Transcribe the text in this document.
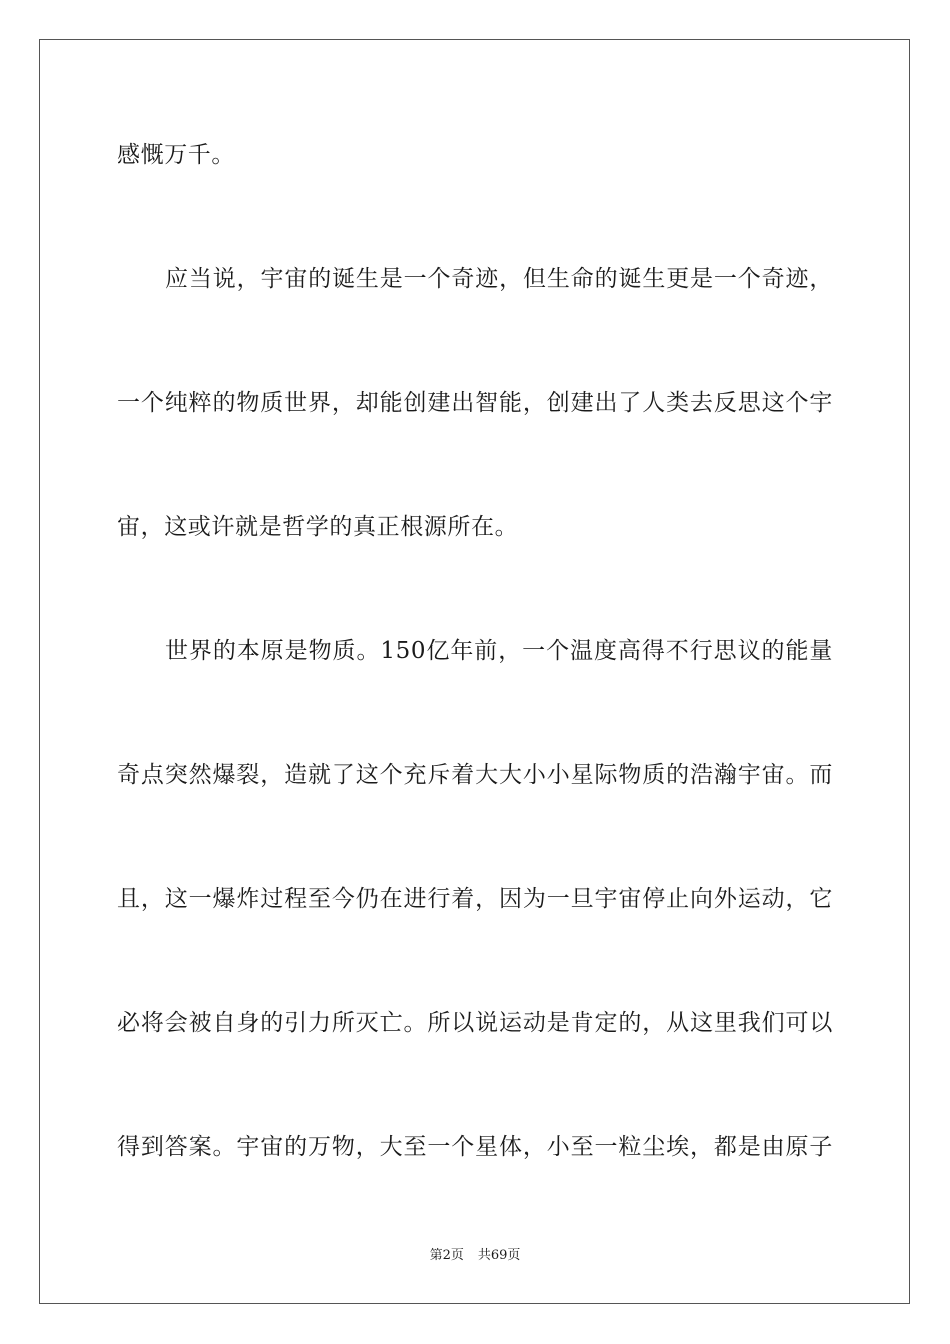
感慨万千。
应当说，宇宙的诞生是一个奇迹，但生命的诞生更是一个奇迹，
一个纯粹的物质世界，却能创建出智能，创建出了人类去反思这个宇
宙，这或许就是哲学的真正根源所在。
世界的本原是物质。150亿年前，一个温度高得不行思议的能量
奇点突然爆裂，造就了这个充斥着大大小小星际物质的浩瀚宇宙。而
且，这一爆炸过程至今仍在进行着，因为一旦宇宙停止向外运动，它
必将会被自身的引力所灭亡。所以说运动是肯定的，从这里我们可以
得到答案。宇宙的万物，大至一个星体，小至一粒尘埃，都是由原子
第2页 共69页
